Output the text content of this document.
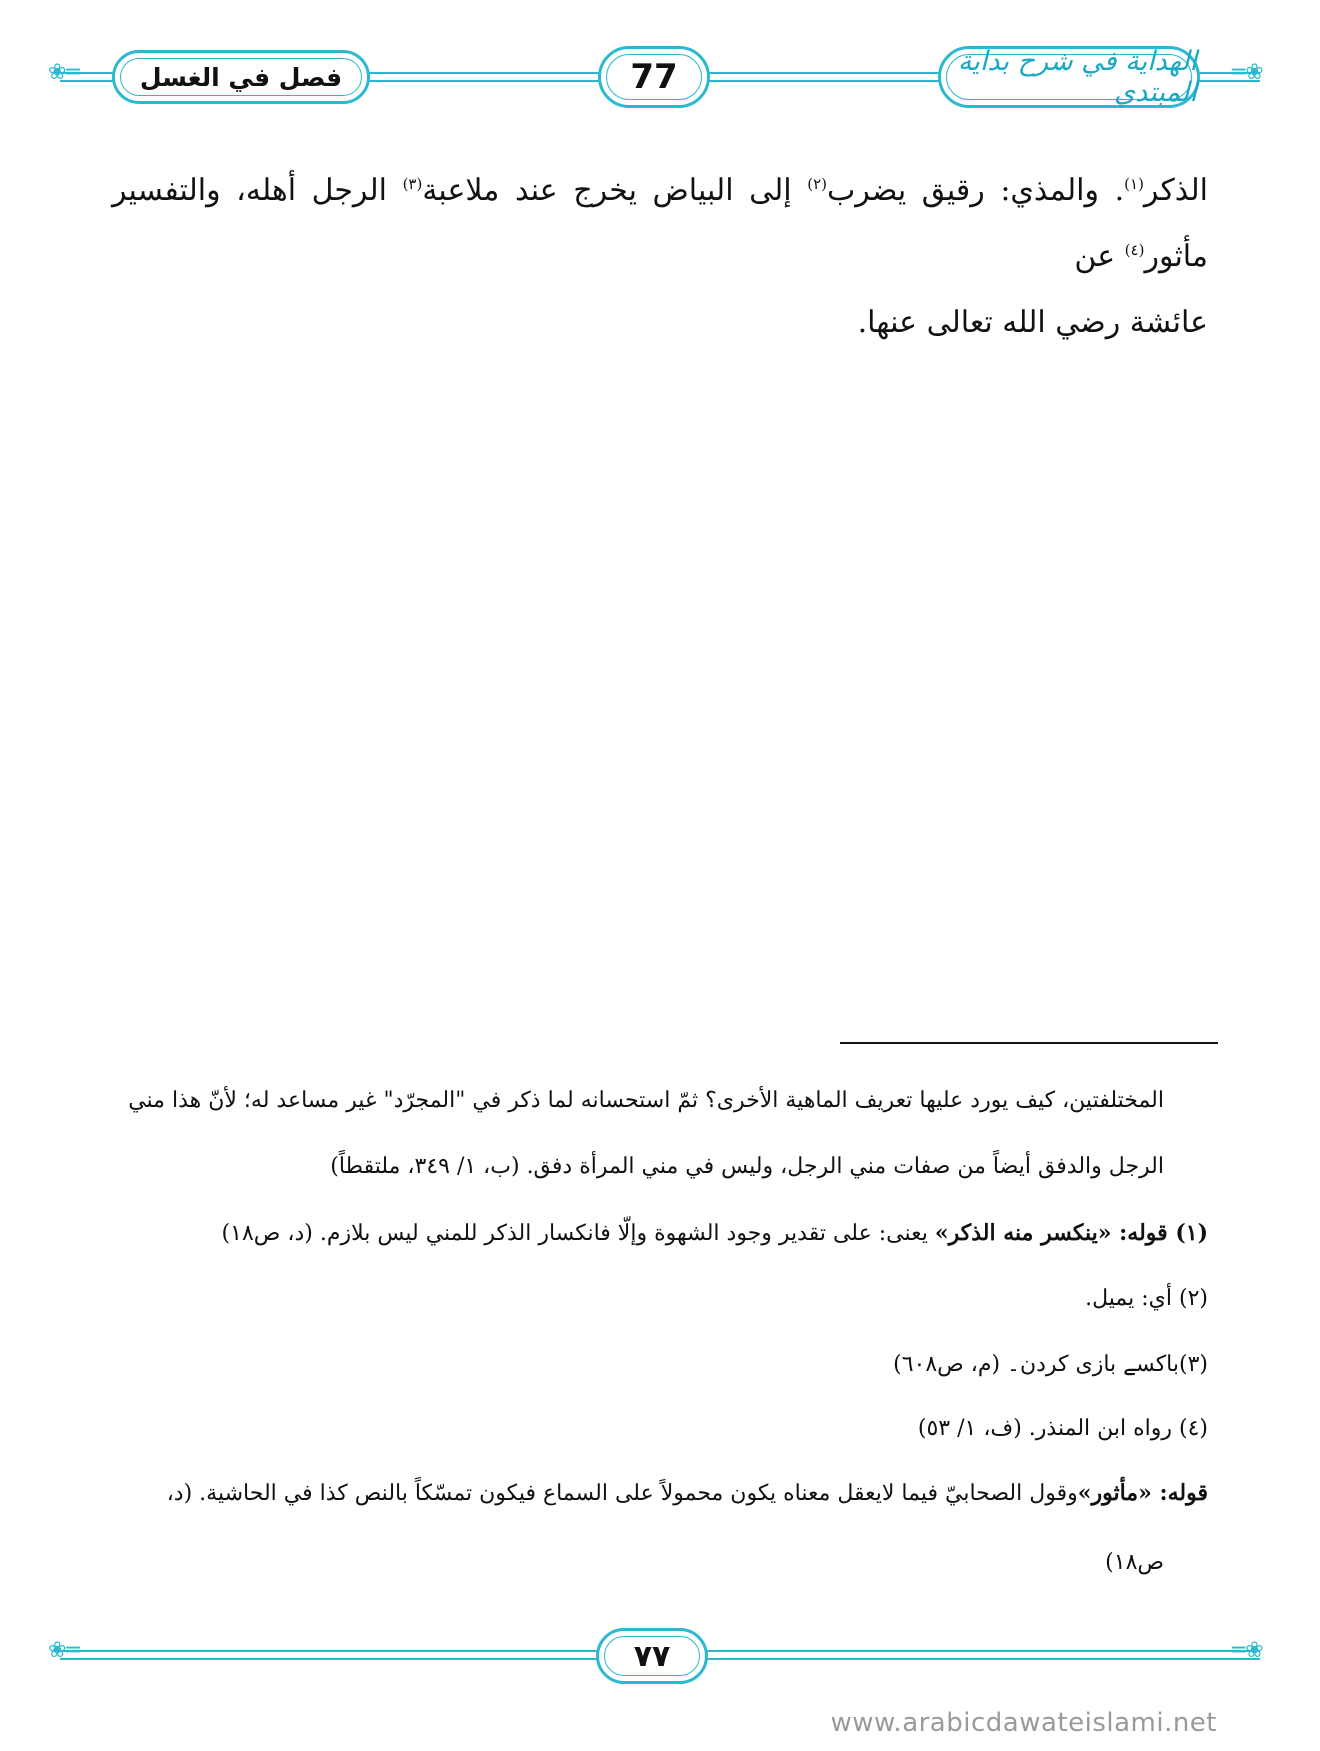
❀═	═❀
فصل في الغسل	77	الهداية في شرح بداية المبتدي

الذكر$^{(۱)}$. والمذي: رقيق يضرب$^{(۲)}$ إلى البياض يخرج عند ملاعبة$^{(۳)}$ الرجل أهله، والتفسير مأثور$^{(٤)}$ عن

عائشة رضي الله تعالى عنها.

المختلفتين، كيف يورد عليها تعريف الماهية الأخرى؟ ثمّ استحسانه لما ذكر في "المجرّد" غير مساعد له؛ لأنّ هذا مني

الرجل والدفق أيضاً من صفات مني الرجل، وليس في مني المرأة دفق. (ب، ١/ ٣٤٩، ملتقطاً)

(١) قوله: «ينكسر منه الذكر» يعنى: على تقدير وجود الشهوة وإلّا فانكسار الذكر للمني ليس بلازم. (د، ص١٨)

(٢) أي: يميل.

(٣)باکسے بازی کردن۔ (م، ص٦٠٨)

(٤) رواه ابن المنذر. (ف، ١/ ٥٣)

قوله: «مأثور»وقول الصحابيّ فيما لايعقل معناه يكون محمولاً على السماع فيكون تمسّكاً بالنص كذا في الحاشية. (د،

ص١٨)

❀═	═❀
٧٧
www.arabicdawateislami.net
